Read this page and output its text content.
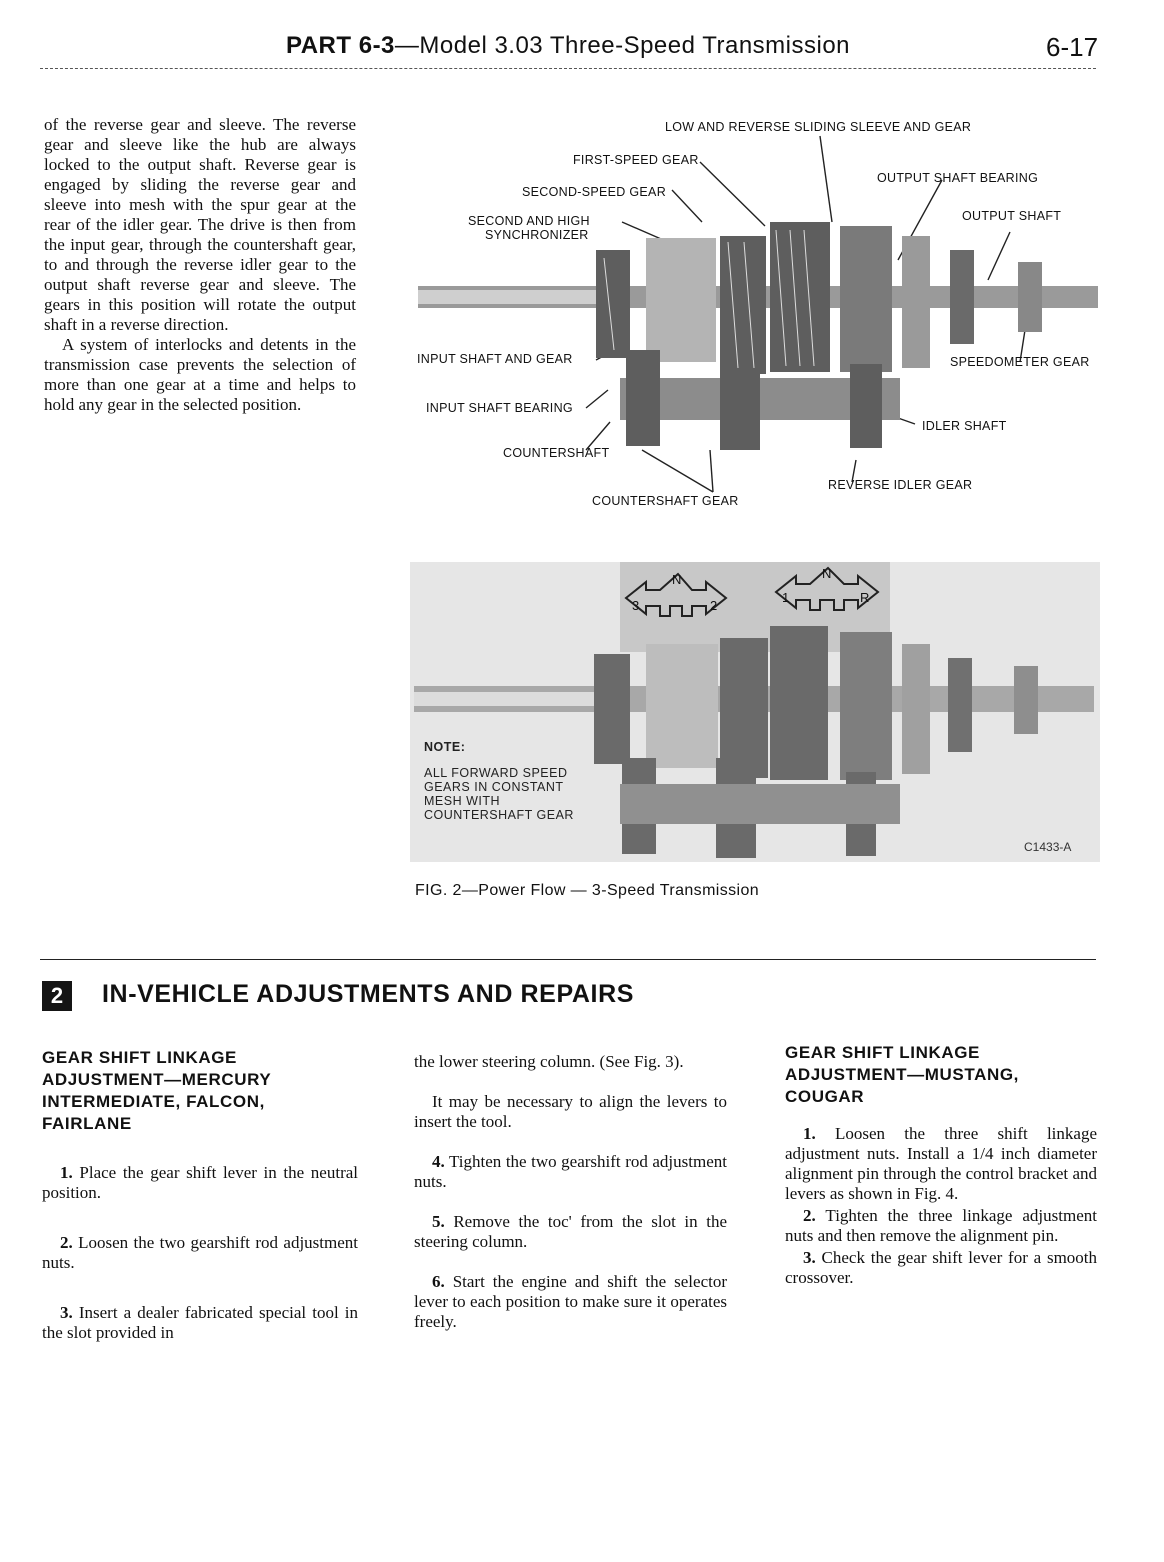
PART 6-3—Model 3.03 Three-Speed Transmission	6-17

of the reverse gear and sleeve. The reverse gear and sleeve like the hub are always locked to the output shaft. Reverse gear is engaged by sliding the reverse gear and sleeve into mesh with the spur gear at the rear of the idler gear. The drive is then from the input gear, through the countershaft gear, to and through the reverse idler gear to the output shaft reverse gear and sleeve. The gears in this position will rotate the output shaft in a reverse direction.

A system of interlocks and detents in the transmission case prevents the selection of more than one gear at a time and helps to hold any gear in the selected position.

LOW AND REVERSE SLIDING SLEEVE AND GEAR
FIRST-SPEED GEAR
OUTPUT SHAFT BEARING
SECOND-SPEED GEAR
OUTPUT SHAFT
SECOND AND HIGH
SYNCHRONIZER
INPUT SHAFT AND GEAR	SPEEDOMETER GEAR
INPUT SHAFT BEARING
IDLER SHAFT
COUNTERSHAFT
REVERSE IDLER GEAR
COUNTERSHAFT GEAR
N
3	2
N
1	R
NOTE:
ALL FORWARD SPEED
GEARS IN CONSTANT
MESH WITH
COUNTERSHAFT GEAR
C1433-A
FIG. 2—Power Flow — 3-Speed Transmission
2	IN-VEHICLE ADJUSTMENTS AND REPAIRS
GEAR SHIFT LINKAGE ADJUSTMENT—MERCURY INTERMEDIATE, FALCON, FAIRLANE

1. Place the gear shift lever in the neutral position.

2. Loosen the two gearshift rod adjustment nuts.

3. Insert a dealer fabricated special tool in the slot provided in

the lower steering column. (See Fig. 3).

It may be necessary to align the levers to insert the tool.

4. Tighten the two gearshift rod adjustment nuts.

5. Remove the toc' from the slot in the steering column.

6. Start the engine and shift the selector lever to each position to make sure it operates freely.

GEAR SHIFT LINKAGE ADJUSTMENT—MUSTANG, COUGAR

1. Loosen the three shift linkage adjustment nuts. Install a 1/4 inch diameter alignment pin through the control bracket and levers as shown in Fig. 4.

2. Tighten the three linkage adjustment nuts and then remove the alignment pin.

3. Check the gear shift lever for a smooth crossover.
